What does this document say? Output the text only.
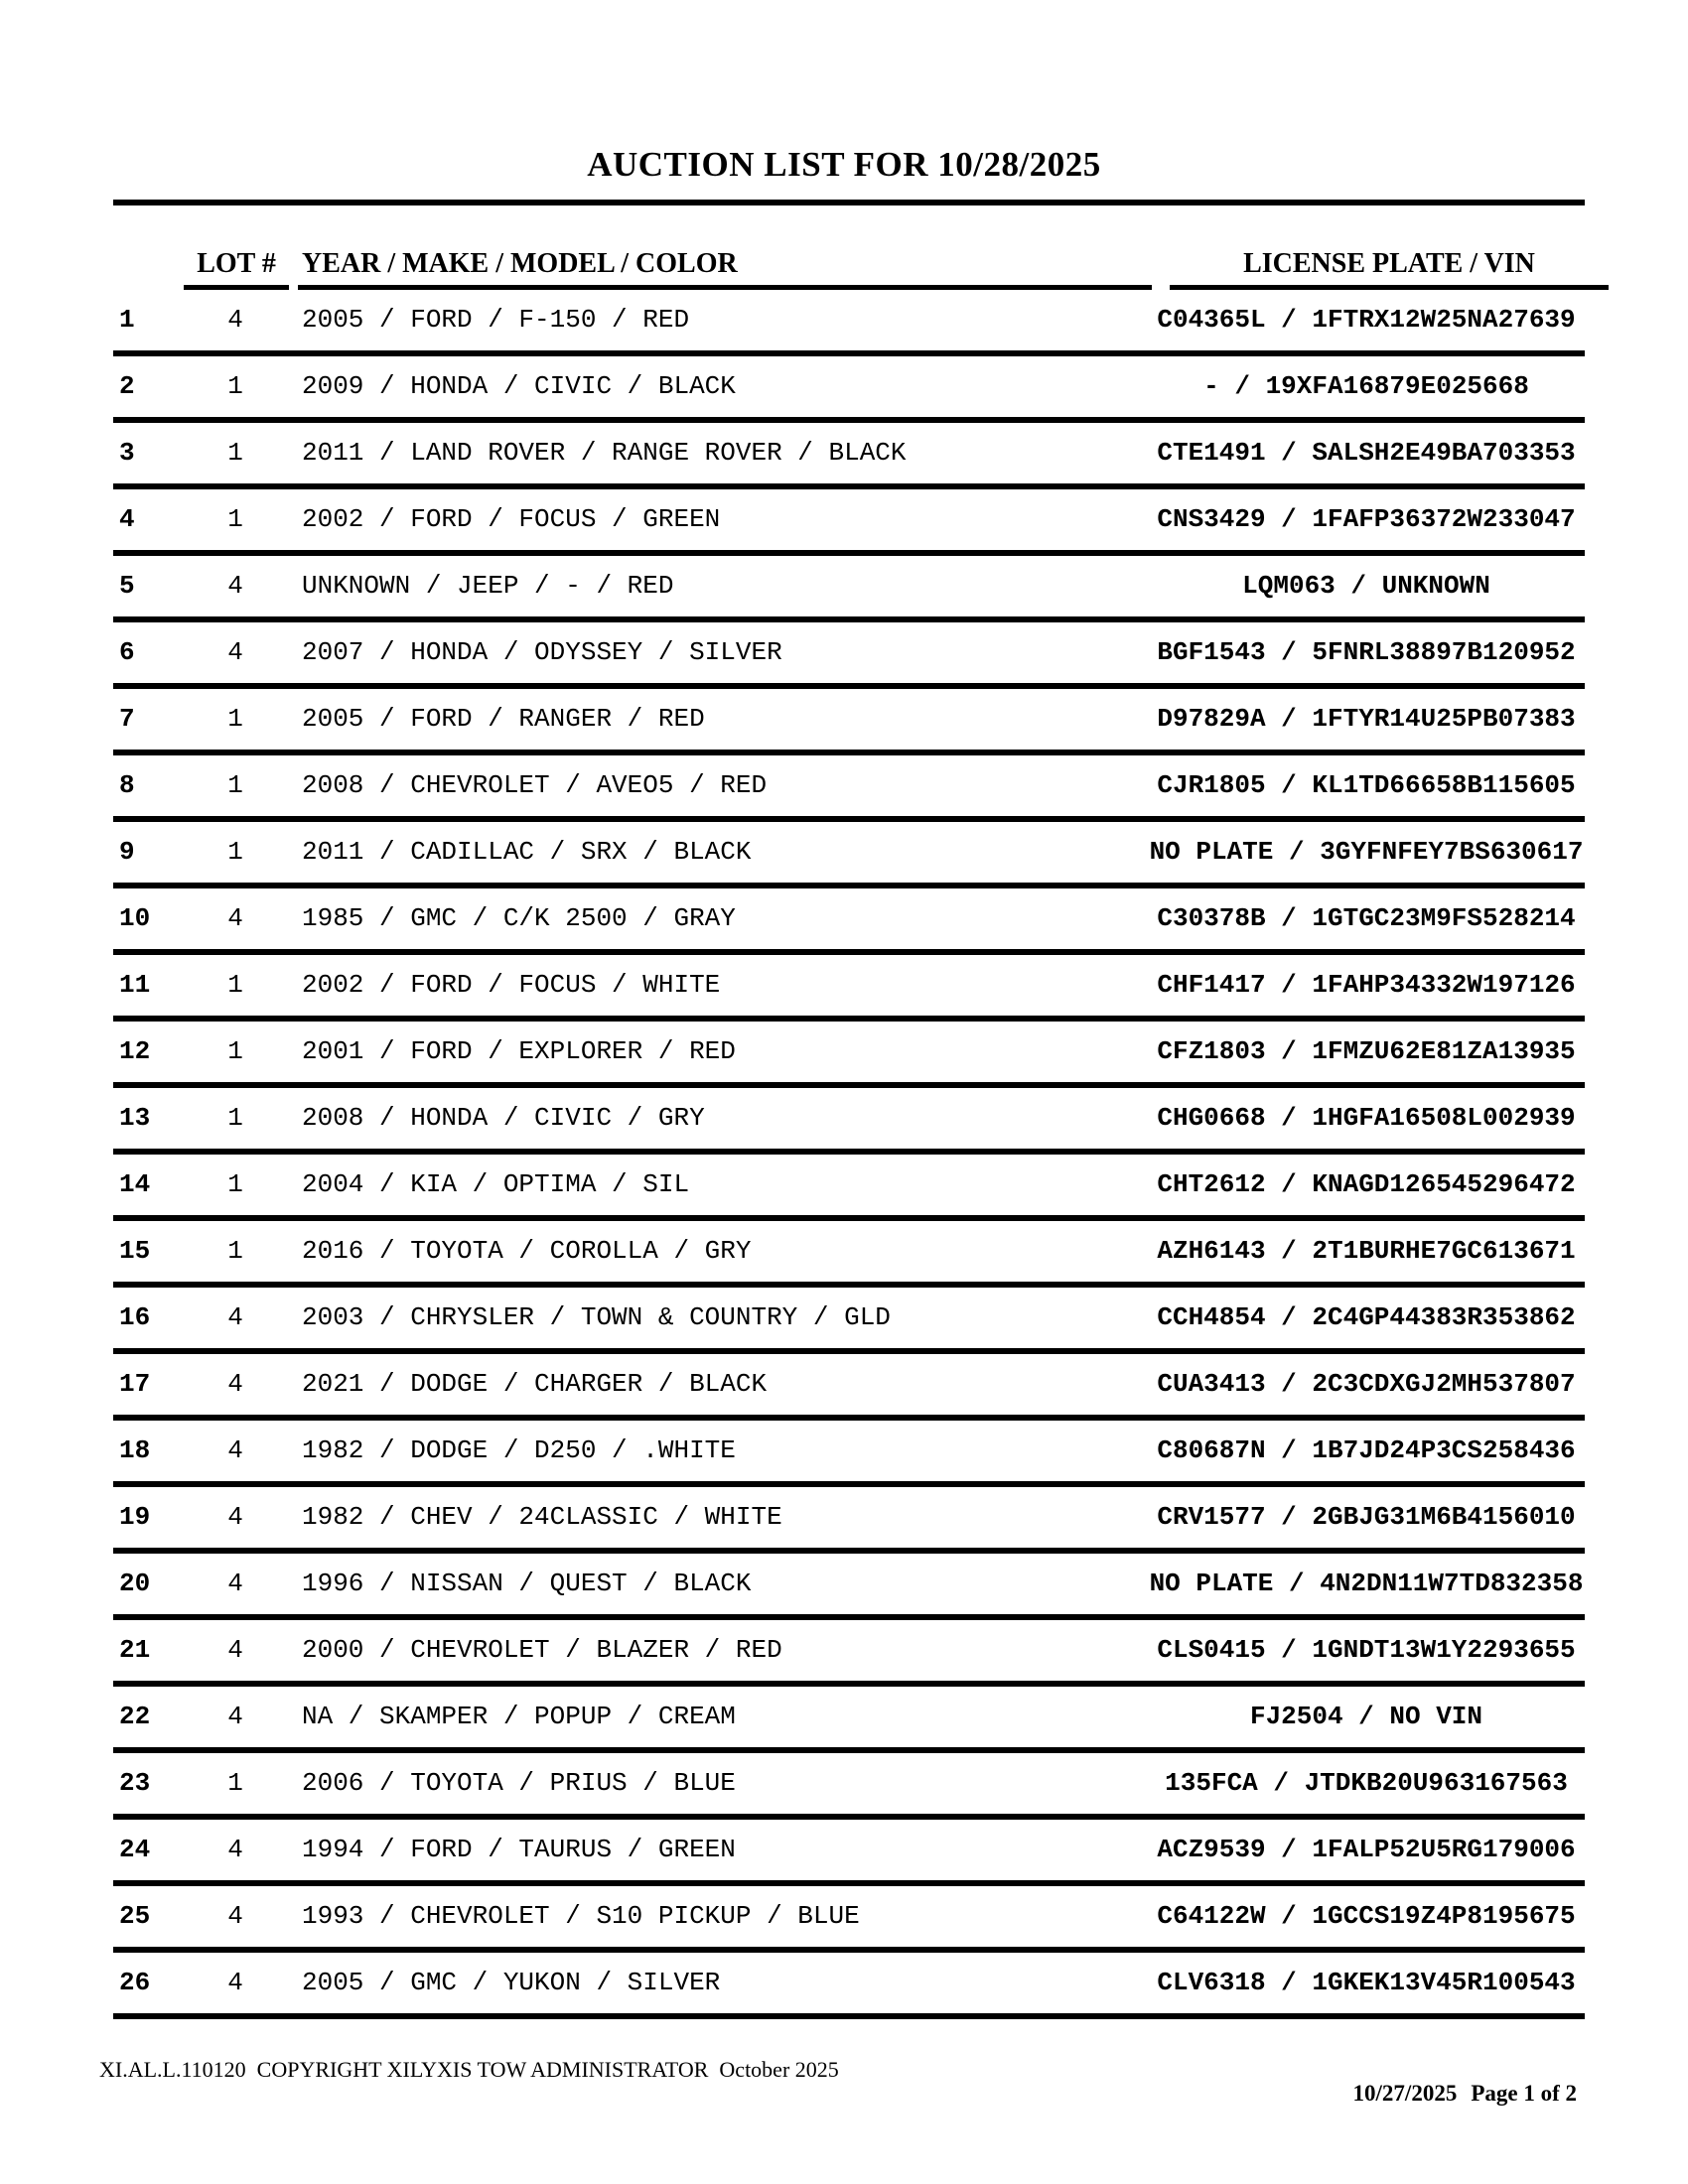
AUCTION LIST FOR 10/28/2025
LOT # YEAR / MAKE / MODEL / COLOR	LICENSE PLATE / VIN
1	4	2005 / FORD / F-150 / RED	C04365L / 1FTRX12W25NA27639
2	1	2009 / HONDA / CIVIC / BLACK	- / 19XFA16879E025668
3	1	2011 / LAND ROVER / RANGE ROVER / BLACK	CTE1491 / SALSH2E49BA703353
4	1	2002 / FORD / FOCUS / GREEN	CNS3429 / 1FAFP36372W233047
5	4	UNKNOWN / JEEP / - / RED	LQM063 / UNKNOWN
6	4	2007 / HONDA / ODYSSEY / SILVER	BGF1543 / 5FNRL38897B120952
7	1	2005 / FORD / RANGER / RED	D97829A / 1FTYR14U25PB07383
8	1	2008 / CHEVROLET / AVEO5 / RED	CJR1805 / KL1TD66658B115605
9	1	2011 / CADILLAC / SRX / BLACK	NO PLATE / 3GYFNFEY7BS630617
10	4	1985 / GMC / C/K 2500 / GRAY	C30378B / 1GTGC23M9FS528214
11	1	2002 / FORD / FOCUS / WHITE	CHF1417 / 1FAHP34332W197126
12	1	2001 / FORD / EXPLORER / RED	CFZ1803 / 1FMZU62E81ZA13935
13	1	2008 / HONDA / CIVIC / GRY	CHG0668 / 1HGFA16508L002939
14	1	2004 / KIA / OPTIMA / SIL	CHT2612 / KNAGD126545296472
15	1	2016 / TOYOTA / COROLLA / GRY	AZH6143 / 2T1BURHE7GC613671
16	4	2003 / CHRYSLER / TOWN & COUNTRY / GLD	CCH4854 / 2C4GP44383R353862
17	4	2021 / DODGE / CHARGER / BLACK	CUA3413 / 2C3CDXGJ2MH537807
18	4	1982 / DODGE / D250 / .WHITE	C80687N / 1B7JD24P3CS258436
19	4	1982 / CHEV / 24CLASSIC / WHITE	CRV1577 / 2GBJG31M6B4156010
20	4	1996 / NISSAN / QUEST / BLACK	NO PLATE / 4N2DN11W7TD832358
21	4	2000 / CHEVROLET / BLAZER / RED	CLS0415 / 1GNDT13W1Y2293655
22	4	NA / SKAMPER / POPUP / CREAM	FJ2504 / NO VIN
23	1	2006 / TOYOTA / PRIUS / BLUE	135FCA / JTDKB20U963167563
24	4	1994 / FORD / TAURUS / GREEN	ACZ9539 / 1FALP52U5RG179006
25	4	1993 / CHEVROLET / S10 PICKUP / BLUE	C64122W / 1GCCS19Z4P8195675
26	4	2005 / GMC / YUKON / SILVER	CLV6318 / 1GKEK13V45R100543
XI.AL.L.110120  COPYRIGHT XILYXIS TOW ADMINISTRATOR  October 2025

10/27/2025 Page 1 of 2
